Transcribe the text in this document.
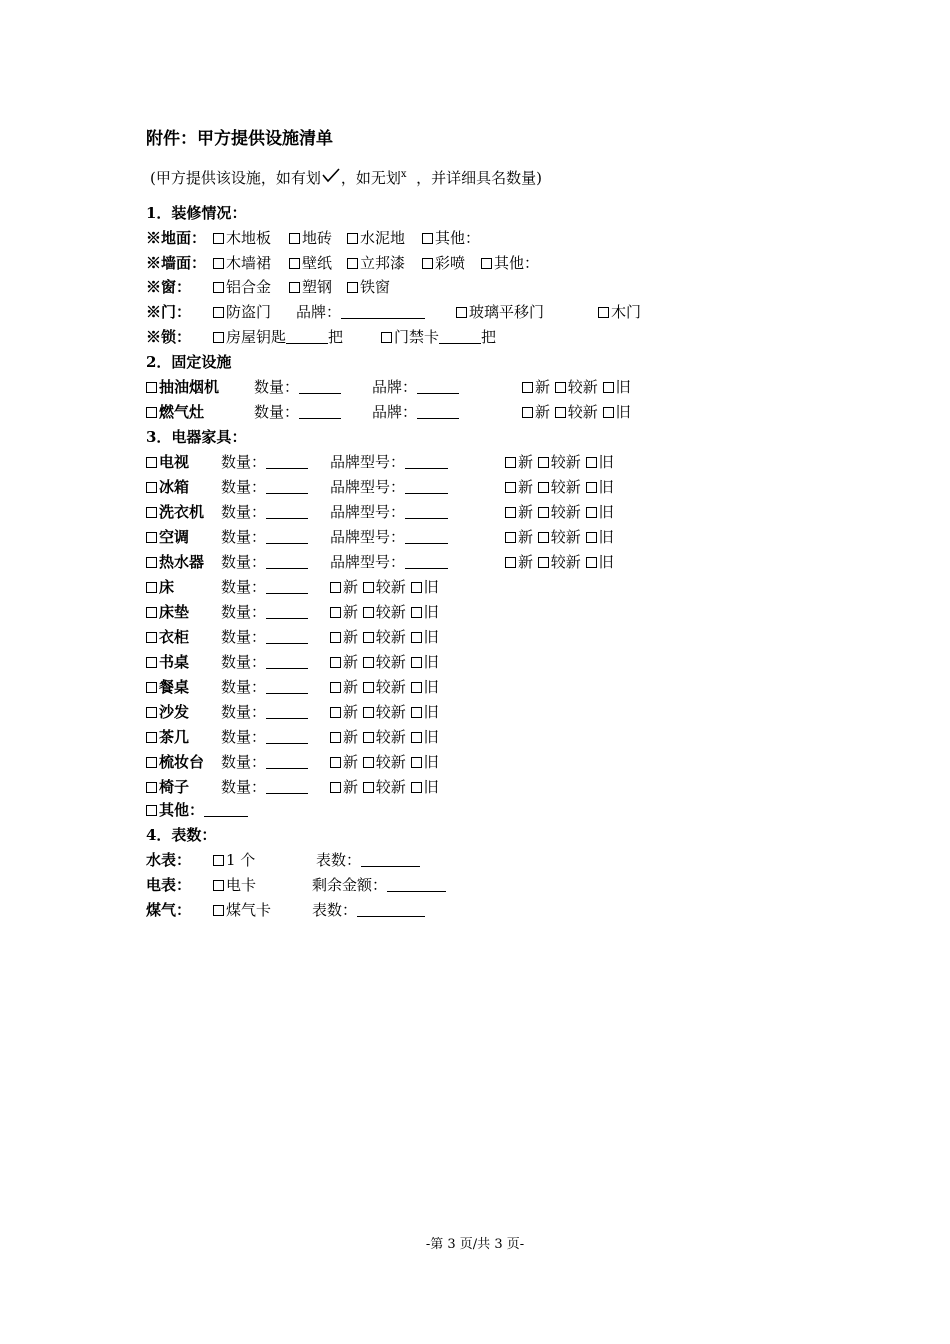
附件：甲方提供设施清单
(甲方提供该设施，如有划 ，如无划$^x$ ，并详细具名数量)
1．装修情况：
※地面：	木地板	地砖	水泥地	其他：
※墙面：	木墙裙	壁纸	立邦漆	彩喷	其他：
※窗：	铝合金	塑钢	铁窗
※门：	防盗门 品牌：	玻璃平移门	木门
※锁：	房屋钥匙	把	门禁卡	把
2．固定设施
抽油烟机 数量：	品牌：	新 较新 旧
燃气灶	数量：	品牌：	新 较新 旧
3．电器家具：
电视 数量：	品牌型号：	新 较新 旧
冰箱 数量：	品牌型号：	新 较新 旧
洗衣机 数量：	品牌型号：	新 较新 旧
空调 数量：	品牌型号：	新 较新 旧
热水器 数量：	品牌型号：	新 较新 旧
床	数量：	新 较新 旧
床垫 数量：	新 较新 旧
衣柜 数量：	新 较新 旧
书桌 数量：	新 较新 旧
餐桌 数量：	新 较新 旧
沙发 数量：	新 较新 旧
茶几 数量：	新 较新 旧
梳妆台 数量：	新 较新 旧
椅子 数量：	新 较新 旧
其他：
4．表数：
水表：	1 个	表数：
电表：	电卡	剩余金额：
煤气：	煤气卡	表数：
-第 3 页/共 3 页-
